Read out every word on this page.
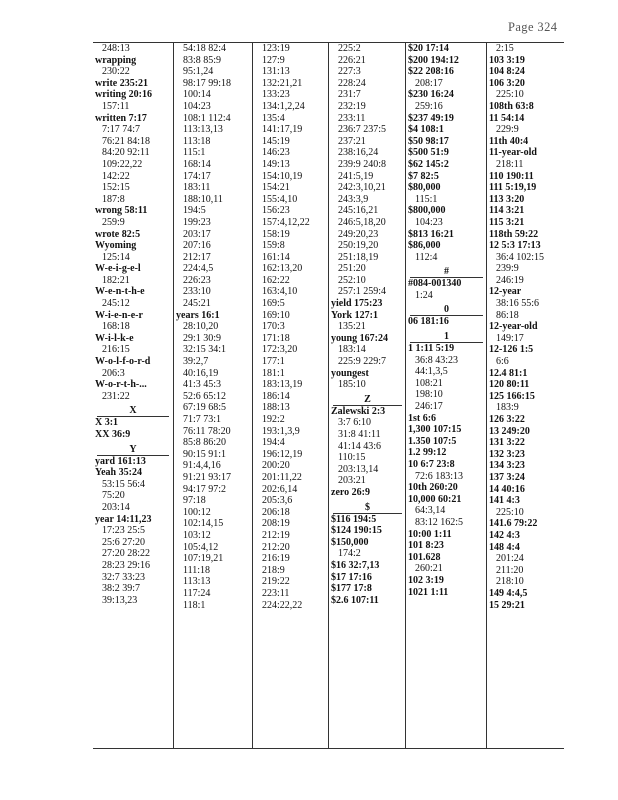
Page 324
248:13
wrapping
230:22
write 235:21
writing 20:16
157:11
written 7:17
7:17 74:7
76:21 84:18
84:20 92:11
109:22,22
142:22
152:15
187:8
wrong 58:11
259:9
wrote 82:5
Wyoming
125:14
W-e-i-g-e-l
182:21
W-e-n-t-h-e
245:12
W-i-e-n-e-r
168:18
W-i-l-k-e
216:15
W-o-l-f-o-r-d
206:3
W-o-r-t-h-...
231:22
X
X 3:1
XX 36:9
Y
yard 161:13
Yeah 35:24
53:15 56:4
75:20
203:14
year 14:11,23
17:23 25:5
25:6 27:20
27:20 28:22
28:23 29:16
32:7 33:23
38:2 39:7
39:13,23
54:18 82:4
83:8 85:9
95:1,24
98:17 99:18
100:14
104:23
108:1 112:4
113:13,13
113:18
115:1
168:14
174:17
183:11
188:10,11
194:5
199:23
203:17
207:16
212:17
224:4,5
226:23
233:10
245:21
years 16:1
28:10,20
29:1 30:9
32:15 34:1
39:2,7
40:16,19
41:3 45:3
52:6 65:12
67:19 68:5
71:7 73:1
76:11 78:20
85:8 86:20
90:15 91:1
91:4,4,16
91:21 93:17
94:17 97:2
97:18
100:12
102:14,15
103:12
105:4,12
107:19,21
111:18
113:13
117:24
118:1
123:19
127:9
131:13
132:21,21
133:23
134:1,2,24
135:4
141:17,19
145:19
146:23
149:13
154:10,19
154:21
155:4,10
156:23
157:4,12,22
158:19
159:8
161:14
162:13,20
162:22
163:4,10
169:5
169:10
170:3
171:18
172:3,20
177:1
181:1
183:13,19
186:14
188:13
192:2
193:1,3,9
194:4
196:12,19
200:20
201:11,22
202:6,14
205:3,6
206:18
208:19
212:19
212:20
216:19
218:9
219:22
223:11
224:22,22
225:2
226:21
227:3
228:24
231:7
232:19
233:11
236:7 237:5
237:21
238:16,24
239:9 240:8
241:5,19
242:3,10,21
243:3,9
245:16,21
246:5,18,20
249:20,23
250:19,20
251:18,19
251:20
252:10
257:1 259:4
yield 175:23
York 127:1
135:21
young 167:24
183:14
225:9 229:7
youngest
185:10
Z
Zalewski 2:3
3:7 6:10
31:8 41:11
41:14 43:6
110:15
203:13,14
203:21
zero 26:9
$
$116 194:5
$124 190:15
$150,000
174:2
$16 32:7,13
$17 17:16
$177 17:8
$2.6 107:11
$20 17:14
$200 194:12
$22 208:16
208:17
$230 16:24
259:16
$237 49:19
$4 108:1
$50 98:17
$500 51:9
$62 145:2
$7 82:5
$80,000
115:1
$800,000
104:23
$813 16:21
$86,000
112:4
#
#084-001340
1:24
0
06 181:16
1
1 1:11 5:19
36:8 43:23
44:1,3,5
108:21
198:10
246:17
1st 6:6
1,300 107:15
1.350 107:5
1.2 99:12
10 6:7 23:8
72:6 183:13
10th 260:20
10,000 60:21
64:3,14
83:12 162:5
10:00 1:11
101 8:23
101.628
260:21
102 3:19
1021 1:11
2:15
103 3:19
104 8:24
106 3:20
225:10
108th 63:8
11 54:14
229:9
11th 40:4
11-year-old
218:11
110 190:11
111 5:19,19
113 3:20
114 3:21
115 3:21
118th 59:22
12 5:3 17:13
36:4 102:15
239:9
246:19
12-year
38:16 55:6
86:18
12-year-old
149:17
12-126 1:5
6:6
12.4 81:1
120 80:11
125 166:15
183:9
126 3:22
13 249:20
131 3:22
132 3:23
134 3:23
137 3:24
14 40:16
141 4:3
225:10
141.6 79:22
142 4:3
148 4:4
201:24
211:20
218:10
149 4:4,5
15 29:21
